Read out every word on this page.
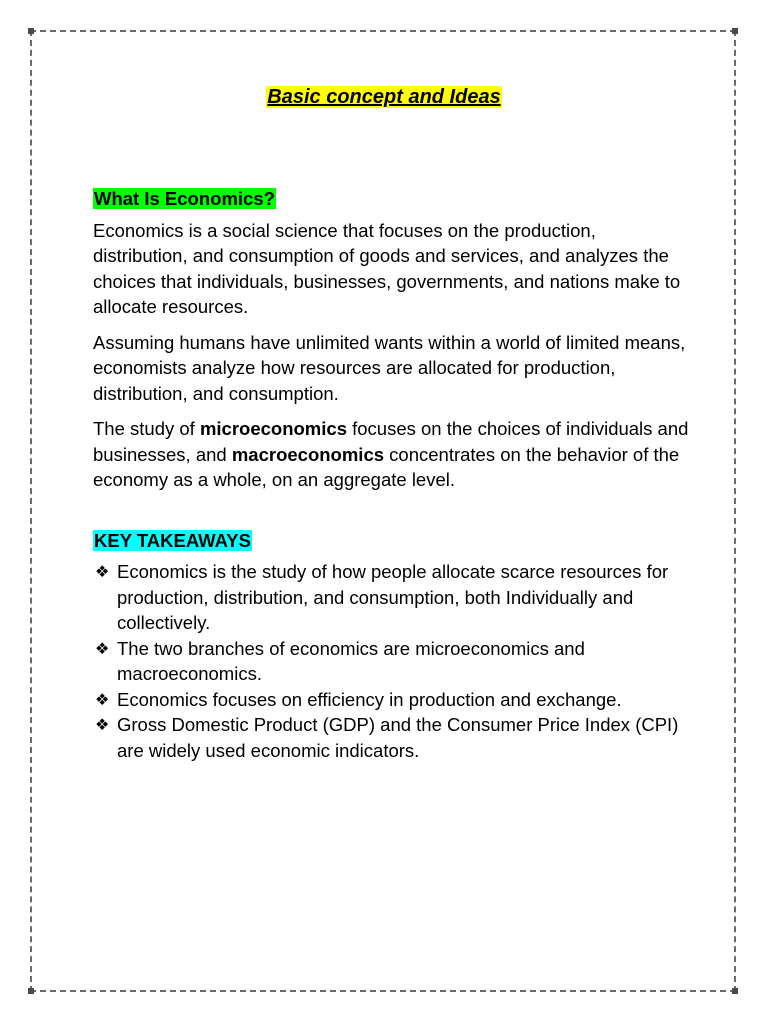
Basic concept and Ideas
What Is Economics?

Economics is a social science that focuses on the production, distribution, and consumption of goods and services, and analyzes the choices that individuals, businesses, governments, and nations make to allocate resources.

Assuming humans have unlimited wants within a world of limited means, economists analyze how resources are allocated for production, distribution, and consumption.

The study of microeconomics focuses on the choices of individuals and businesses, and macroeconomics concentrates on the behavior of the economy as a whole, on an aggregate level.

KEY TAKEAWAYS
❖ Economics is the study of how people allocate scarce resources for production, distribution, and consumption, both Individually and collectively.
❖ The two branches of economics are microeconomics and macroeconomics.
❖ Economics focuses on efficiency in production and exchange.
❖ Gross Domestic Product (GDP) and the Consumer Price Index (CPI) are widely used economic indicators.
